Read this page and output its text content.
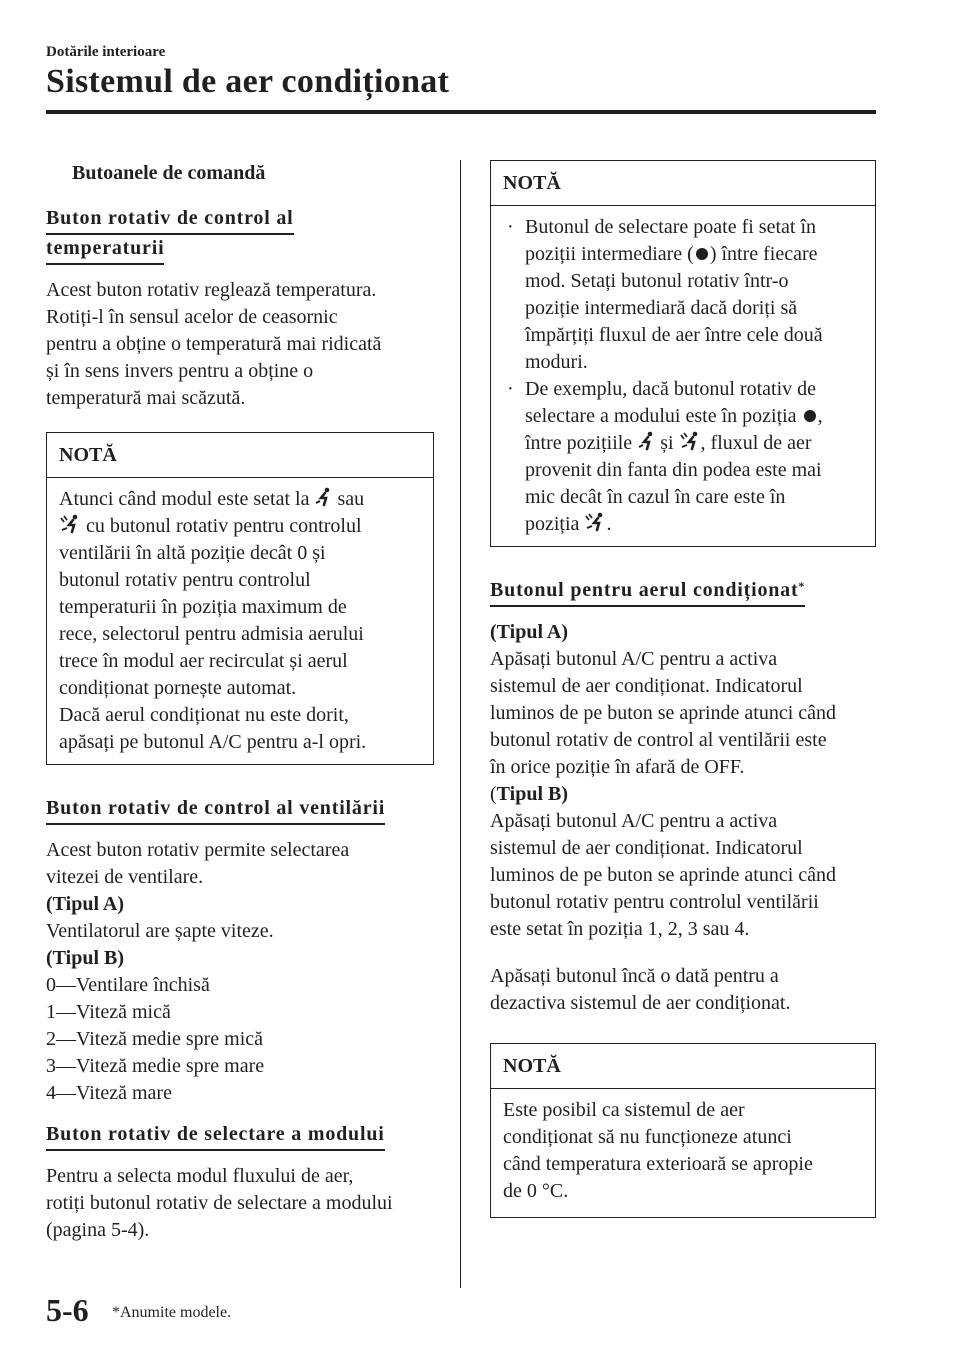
Dotările interioare
Sistemul de aer condiționat
Butoanele de comandă
Buton rotativ de control al
temperaturii

Acest buton rotativ reglează temperatura.

Rotiți-l în sensul acelor de ceasornic

pentru a obține o temperatură mai ridicată

și în sens invers pentru a obține o

temperatură mai scăzută.

NOTĂ

Atunci când modul este setat la sau

cu butonul rotativ pentru controlul

ventilării în altă poziție decât 0 și

butonul rotativ pentru controlul

temperaturii în poziția maximum de

rece, selectorul pentru admisia aerului

trece în modul aer recirculat și aerul

condiționat pornește automat.

Dacă aerul condiționat nu este dorit,

apăsați pe butonul A/C pentru a-l opri.

Buton rotativ de control al ventilării

Acest buton rotativ permite selectarea

vitezei de ventilare.

(Tipul A)

Ventilatorul are șapte viteze.

(Tipul B)

0―Ventilare închisă

1―Viteză mică

2―Viteză medie spre mică

3―Viteză medie spre mare

4―Viteză mare

Buton rotativ de selectare a modului

Pentru a selecta modul fluxului de aer,

rotiți butonul rotativ de selectare a modului

(pagina 5-4).

NOTĂ
· Butonul de selectare poate fi setat în

poziții intermediare ( ) între fiecare

mod. Setați butonul rotativ într-o

poziție intermediară dacă doriți să

împărțiți fluxul de aer între cele două

moduri.

· De exemplu, dacă butonul rotativ de

selectare a modului este în poziția ,

între pozițiile și , fluxul de aer

provenit din fanta din podea este mai

mic decât în cazul în care este în

poziția .

Butonul pentru aerul condiționat*

(Tipul A)

Apăsați butonul A/C pentru a activa

sistemul de aer condiționat. Indicatorul

luminos de pe buton se aprinde atunci când

butonul rotativ de control al ventilării este

în orice poziție în afară de OFF.

(Tipul B)

Apăsați butonul A/C pentru a activa

sistemul de aer condiționat. Indicatorul

luminos de pe buton se aprinde atunci când

butonul rotativ pentru controlul ventilării

este setat în poziția 1, 2, 3 sau 4.

Apăsați butonul încă o dată pentru a

dezactiva sistemul de aer condiționat.

NOTĂ

Este posibil ca sistemul de aer

condiționat să nu funcționeze atunci

când temperatura exterioară se apropie

de 0 °C.

5-6 *Anumite modele.
